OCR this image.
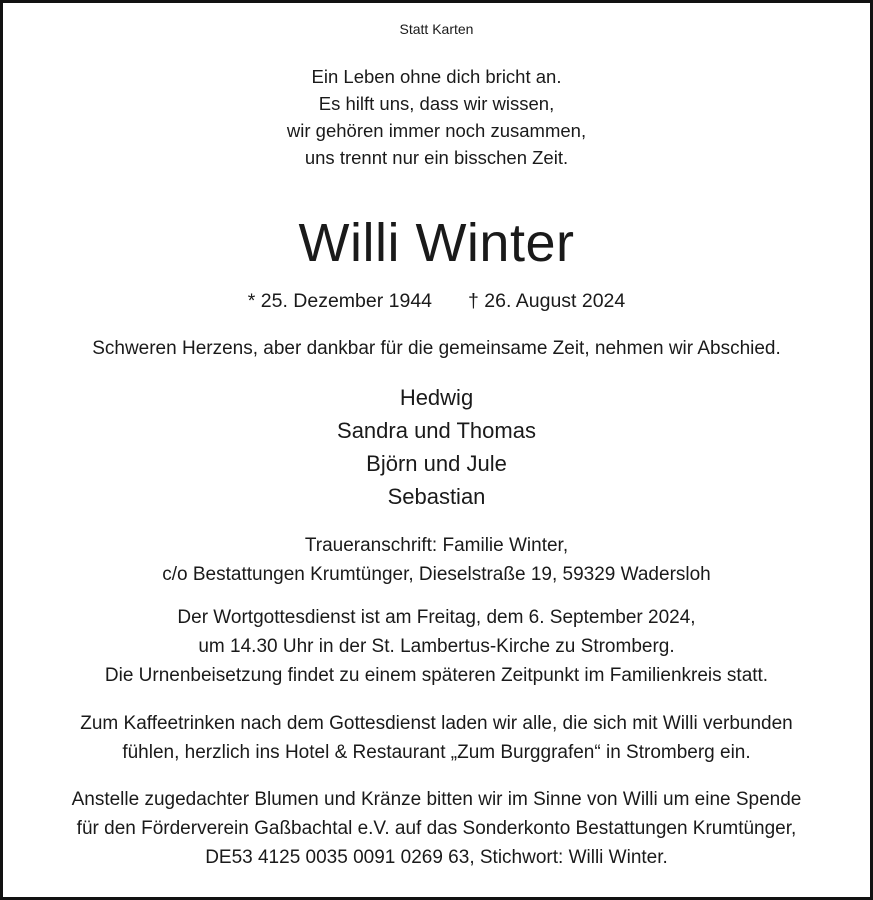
Statt Karten
Ein Leben ohne dich bricht an.
Es hilft uns, dass wir wissen,
wir gehören immer noch zusammen,
uns trennt nur ein bisschen Zeit.
Willi Winter
* 25. Dezember 1944 † 26. August 2024
Schweren Herzens, aber dankbar für die gemeinsame Zeit, nehmen wir Abschied.
Hedwig
Sandra und Thomas
Björn und Jule
Sebastian
Traueranschrift: Familie Winter,
c/o Bestattungen Krumtünger, Dieselstraße 19, 59329 Wadersloh
Der Wortgottesdienst ist am Freitag, dem 6. September 2024,
um 14.30 Uhr in der St. Lambertus-Kirche zu Stromberg.
Die Urnenbeisetzung findet zu einem späteren Zeitpunkt im Familienkreis statt.
Zum Kaffeetrinken nach dem Gottesdienst laden wir alle, die sich mit Willi verbunden
fühlen, herzlich ins Hotel & Restaurant „Zum Burggrafen“ in Stromberg ein.
Anstelle zugedachter Blumen und Kränze bitten wir im Sinne von Willi um eine Spende
für den Förderverein Gaßbachtal e.V. auf das Sonderkonto Bestattungen Krumtünger,
DE53 4125 0035 0091 0269 63, Stichwort: Willi Winter.
